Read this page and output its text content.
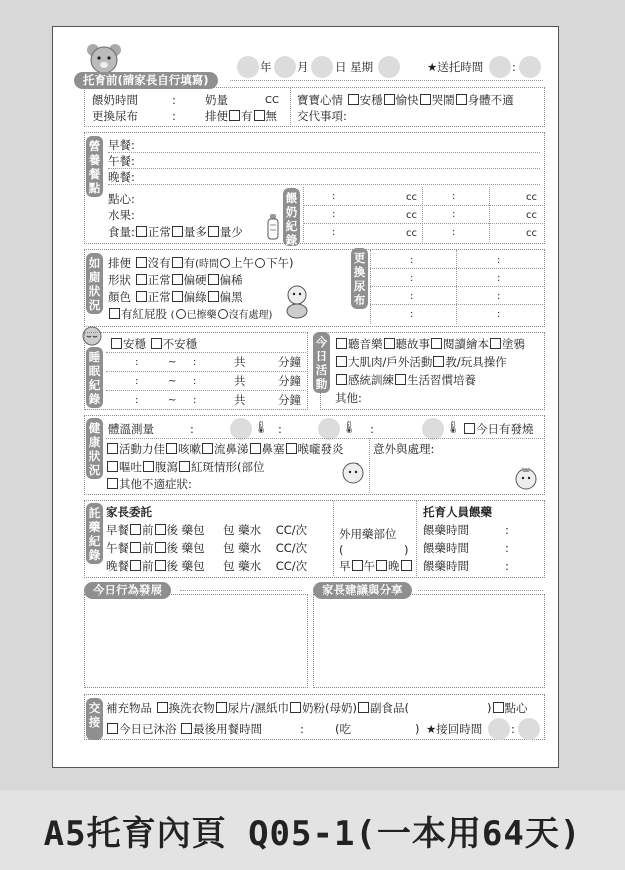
A5托育內頁 Q05-1(一本用64天)
年 月 日 星期	★送托時間 :
托育前(請家長自行填寫)
餵奶時間	:	奶量	CC
更換尿布	:	排便 有 無
寶寶心情 安穩 愉快 哭鬧 身體不適
交代事項:
營養餐點
早餐:
午餐:
晚餐:
點心:
水果:
食量: 正常 量多 量少
餵奶紀錄
:	cc	:	cc
:	cc	:	cc
:	cc	:	cc
如廁狀況
排便 沒有 有(時間 上午 下午)
形狀 正常 偏硬 偏稀
顏色 正常 偏綠 偏黑
有紅屁股 ( 已擦藥 沒有處理)
更換尿布
:	:
:	:
:	:
:	:
睡眠紀錄
安穩 不安穩
:	~ :	共	分鐘
:	~ :	共	分鐘
:	~ :	共	分鐘
今日活動
聽音樂 聽故事 閱讀繪本 塗鴉
大肌肉/戶外活動 教/玩具操作
感統訓練 生活習慣培養
其他:
健康狀況
體溫測量	:	🌡 :	🌡 :	🌡	今日有發燒
活動力佳 咳嗽 流鼻涕 鼻塞 喉嚨發炎
嘔吐 腹瀉 紅斑情形(部位
其他不適症狀:
意外與處理:
託藥紀錄
家長委託
早餐 前 後 藥包 包 藥水 CC/次
午餐 前 後 藥包 包 藥水 CC/次
晚餐 前 後 藥包 包 藥水 CC/次
外用藥部位
(	)
早 午 晚
托育人員餵藥
餵藥時間	:
餵藥時間	:
餵藥時間	:
今日行為發展	家長建議與分享
交接
補充物品 換洗衣物 尿片/濕紙巾 奶粉(母奶) 副食品(	) 點心
今日已沐浴 最後用餐時間	:	(吃	) ★接回時間 :
